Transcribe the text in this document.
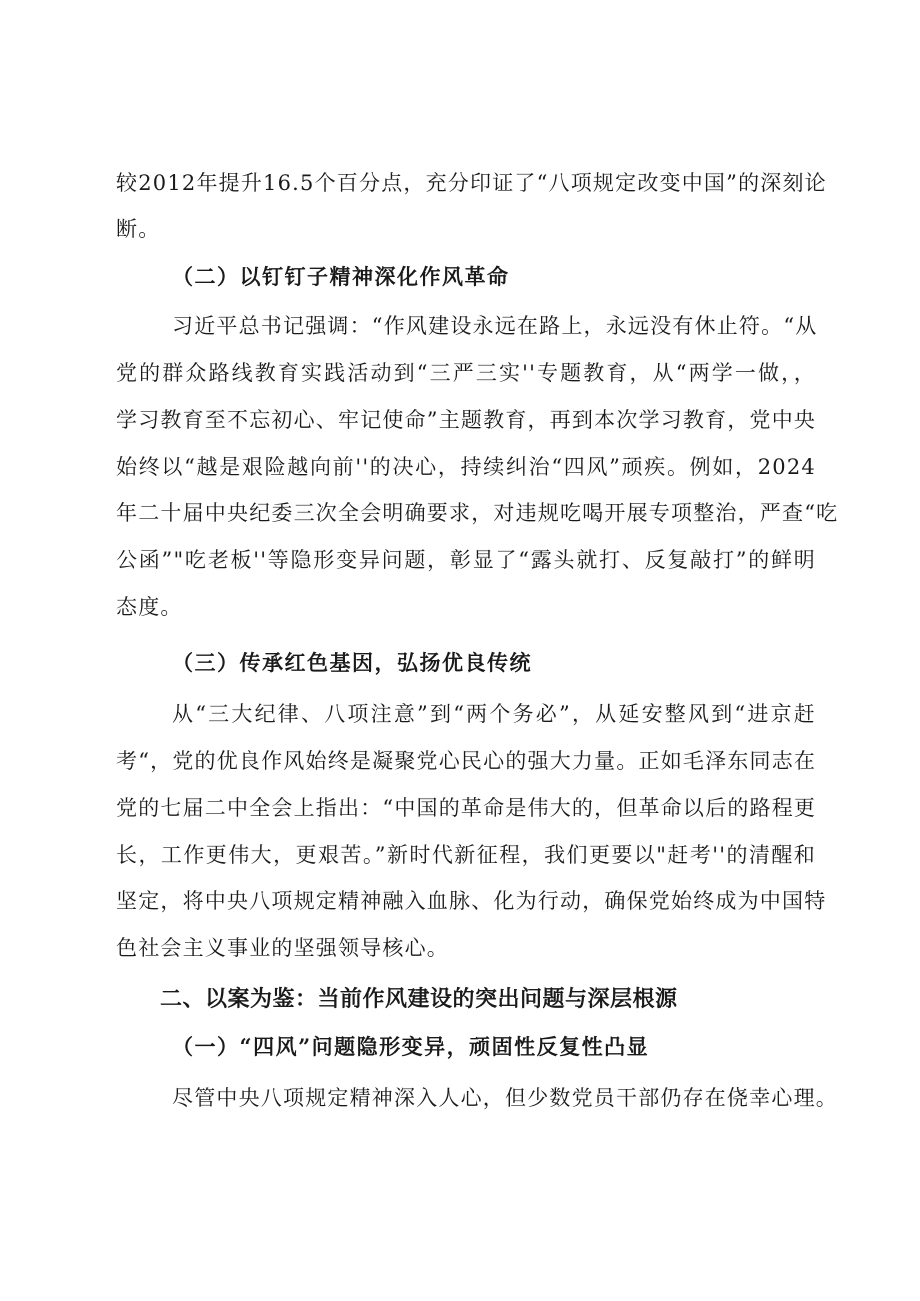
较2012年提升16.5个百分点，充分印证了“八项规定改变中国”的深刻论
断。
（二）以钉钉子精神深化作风革命
习近平总书记强调：“作风建设永远在路上，永远没有休止符。“从
党的群众路线教育实践活动到“三严三实''专题教育，从“两学一做，，
学习教育至不忘初心、牢记使命”主题教育，再到本次学习教育，党中央
始终以“越是艰险越向前''的决心，持续纠治“四风”顽疾。例如，2024
年二十届中央纪委三次全会明确要求，对违规吃喝开展专项整治，严查“吃
公函”"吃老板''等隐形变异问题，彰显了“露头就打、反复敲打”的鲜明
态度。
（三）传承红色基因，弘扬优良传统
从“三大纪律、八项注意”到“两个务必”，从延安整风到“进京赶
考“，党的优良作风始终是凝聚党心民心的强大力量。正如毛泽东同志在
党的七届二中全会上指出：“中国的革命是伟大的，但革命以后的路程更
长，工作更伟大，更艰苦。”新时代新征程，我们更要以"赶考''的清醒和
坚定，将中央八项规定精神融入血脉、化为行动，确保党始终成为中国特
色社会主义事业的坚强领导核心。
二、以案为鉴：当前作风建设的突出问题与深层根源
（一）“四风”问题隐形变异，顽固性反复性凸显
尽管中央八项规定精神深入人心，但少数党员干部仍存在侥幸心理。
